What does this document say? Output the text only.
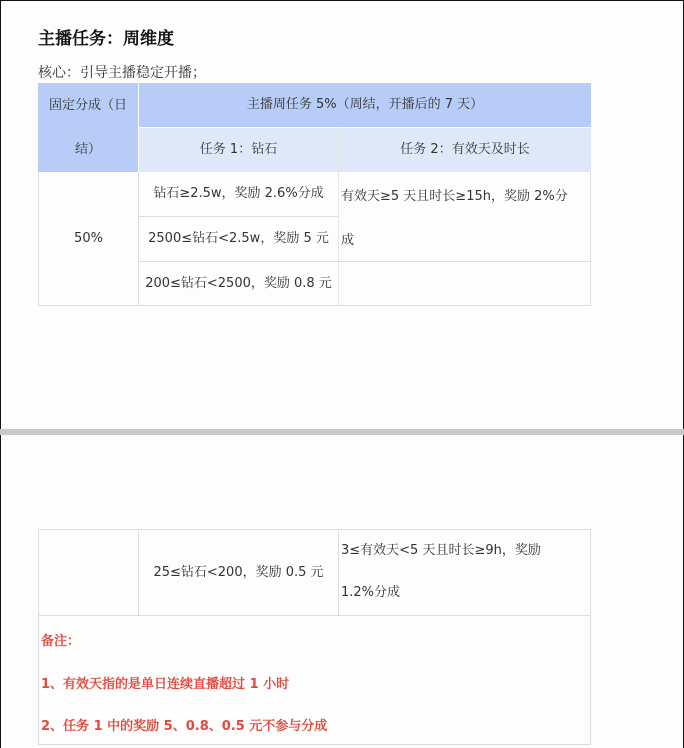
主播任务：周维度
核心：引导主播稳定开播；
固定分成（日
结）
主播周任务 5%（周结，开播后的 7 天）
任务 1：钻石	任务 2：有效天及时长
50%
钻石≥2.5w，奖励 2.6%分成
2500≤钻石<2.5w，奖励 5 元
200≤钻石<2500，奖励 0.8 元
有效天≥5 天且时长≥15h，奖励 2%分
成
25≤钻石<200，奖励 0.5 元
3≤有效天<5 天且时长≥9h，奖励
1.2%分成
备注：
1、有效天指的是单日连续直播超过 1 小时
2、任务 1 中的奖励 5、0.8、0.5 元不参与分成
